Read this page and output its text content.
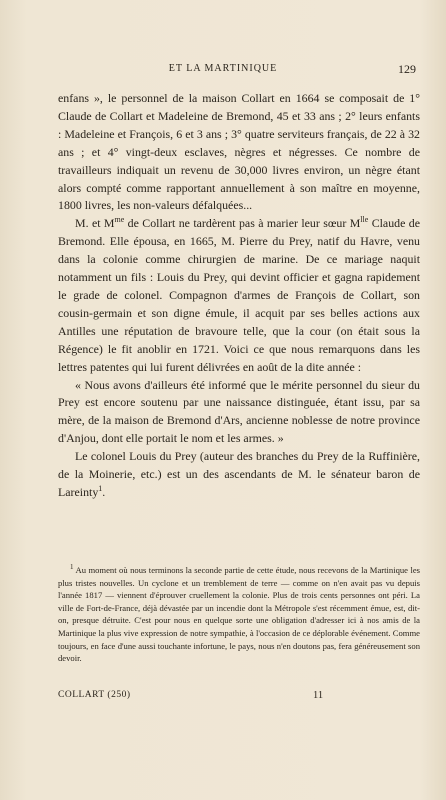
ET LA MARTINIQUE	129

enfans », le personnel de la maison Collart en 1664 se composait de 1° Claude de Collart et Madeleine de Bremond, 45 et 33 ans ; 2° leurs enfants : Madeleine et François, 6 et 3 ans ; 3° quatre serviteurs français, de 22 à 32 ans ; et 4° vingt-deux esclaves, nègres et négresses. Ce nombre de travailleurs indiquait un revenu de 30,000 livres environ, un nègre étant alors compté comme rapportant annuellement à son maître en moyenne, 1800 livres, les non-valeurs défalquées...

M. et $M^{me}$ de Collart ne tardèrent pas à marier leur sœur $M^{lle}$ Claude de Bremond. Elle épousa, en 1665, M. Pierre du Prey, natif du Havre, venu dans la colonie comme chirurgien de marine. De ce mariage naquit notamment un fils : Louis du Prey, qui devint officier et gagna rapidement le grade de colonel. Compagnon d'armes de François de Collart, son cousin-germain et son digne émule, il acquit par ses belles actions aux Antilles une réputation de bravoure telle, que la cour (on était sous la Régence) le fit anoblir en 1721. Voici ce que nous remarquons dans les lettres patentes qui lui furent délivrées en août de la dite année :

« Nous avons d'ailleurs été informé que le mérite personnel du sieur du Prey est encore soutenu par une naissance distinguée, étant issu, par sa mère, de la maison de Bremond d'Ars, ancienne noblesse de notre province d'Anjou, dont elle portait le nom et les armes. »

Le colonel Louis du Prey (auteur des branches du Prey de la Ruffinière, de la Moinerie, etc.) est un des ascendants de M. le sénateur baron de Lareinty$^1$.

$^1$ Au moment où nous terminons la seconde partie de cette étude, nous recevons de la Martinique les plus tristes nouvelles. Un cyclone et un tremblement de terre — comme on n'en avait pas vu depuis l'année 1817 — viennent d'éprouver cruellement la colonie. Plus de trois cents personnes ont péri. La ville de Fort-de-France, déjà dévastée par un incendie dont la Métropole s'est récemment émue, est, dit-on, presque détruite. C'est pour nous en quelque sorte une obligation d'adresser ici à nos amis de la Martinique la plus vive expression de notre sympathie, à l'occasion de ce déplorable événement. Comme toujours, en face d'une aussi touchante infortune, le pays, nous n'en doutons pas, fera généreusement son devoir.

COLLART (250)	11
